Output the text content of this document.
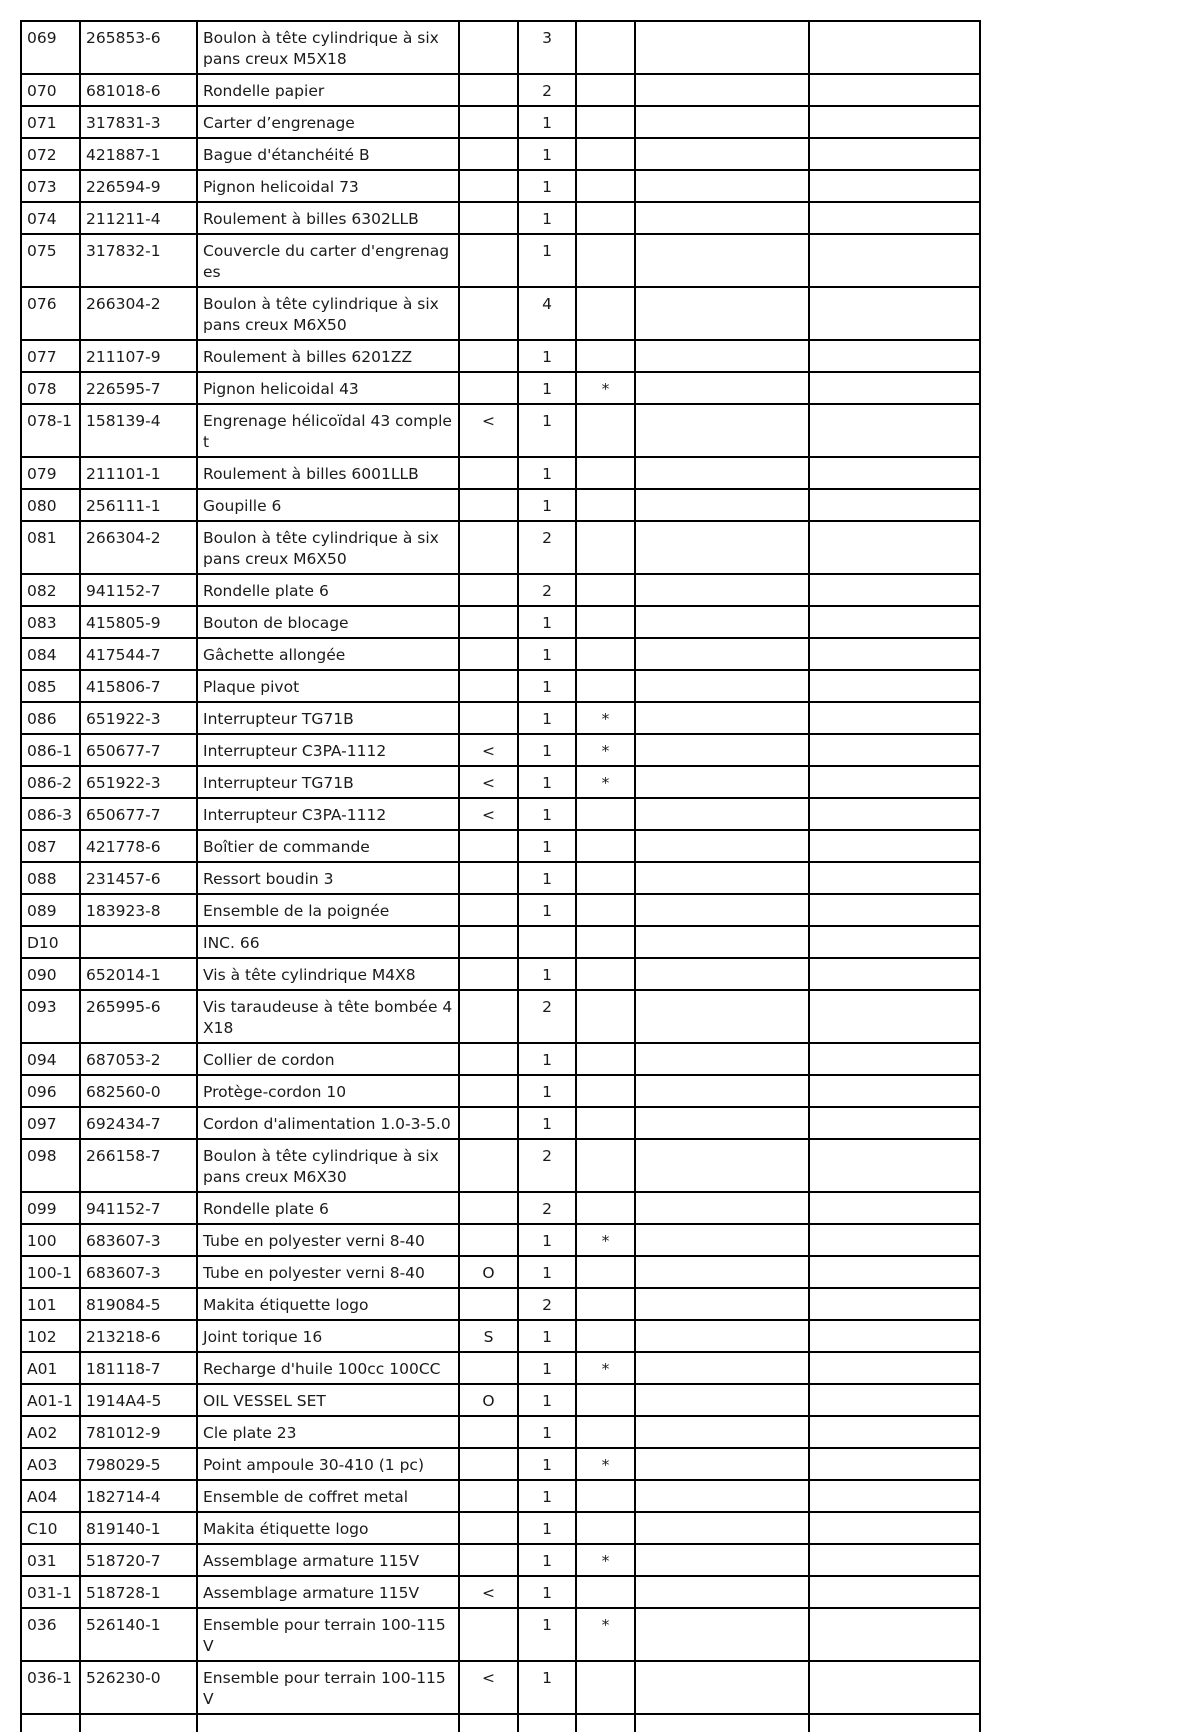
069	265853-6	Boulon à tête cylindrique à six pans creux M5X18		3			
070	681018-6	Rondelle papier		2			
071	317831-3	Carter d’engrenage		1			
072	421887-1	Bague d'étanchéité B		1			
073	226594-9	Pignon helicoidal 73		1			
074	211211-4	Roulement à billes 6302LLB		1			
075	317832-1	Couvercle du carter d'engrenages		1			
076	266304-2	Boulon à tête cylindrique à six pans creux M6X50		4			
077	211107-9	Roulement à billes 6201ZZ		1			
078	226595-7	Pignon helicoidal 43		1	*		
078-1	158139-4	Engrenage hélicoïdal 43 complet	<	1			
079	211101-1	Roulement à billes 6001LLB		1			
080	256111-1	Goupille 6		1			
081	266304-2	Boulon à tête cylindrique à six pans creux M6X50		2			
082	941152-7	Rondelle plate 6		2			
083	415805-9	Bouton de blocage		1			
084	417544-7	Gâchette allongée		1			
085	415806-7	Plaque pivot		1			
086	651922-3	Interrupteur TG71B		1	*		
086-1	650677-7	Interrupteur C3PA-1112	<	1	*		
086-2	651922-3	Interrupteur TG71B	<	1	*		
086-3	650677-7	Interrupteur C3PA-1112	<	1			
087	421778-6	Boîtier de commande		1			
088	231457-6	Ressort boudin 3		1			
089	183923-8	Ensemble de la poignée		1			
D10		INC. 66					
090	652014-1	Vis à tête cylindrique M4X8		1			
093	265995-6	Vis taraudeuse à tête bombée 4X18		2			
094	687053-2	Collier de cordon		1			
096	682560-0	Protège-cordon 10		1			
097	692434-7	Cordon d'alimentation 1.0-3-5.0		1			
098	266158-7	Boulon à tête cylindrique à six pans creux M6X30		2			
099	941152-7	Rondelle plate 6		2			
100	683607-3	Tube en polyester verni 8-40		1	*		
100-1	683607-3	Tube en polyester verni 8-40	O	1			
101	819084-5	Makita étiquette logo		2			
102	213218-6	Joint torique 16	S	1			
A01	181118-7	Recharge d'huile 100cc 100CC		1	*		
A01-1	1914A4-5	OIL VESSEL SET	O	1			
A02	781012-9	Cle plate 23		1			
A03	798029-5	Point ampoule 30-410 (1 pc)		1	*		
A04	182714-4	Ensemble de coffret metal		1			
C10	819140-1	Makita étiquette logo		1			
031	518720-7	Assemblage armature 115V		1	*		
031-1	518728-1	Assemblage armature 115V	<	1			
036	526140-1	Ensemble pour terrain 100-115V		1	*		
036-1	526230-0	Ensemble pour terrain 100-115V	<	1			
